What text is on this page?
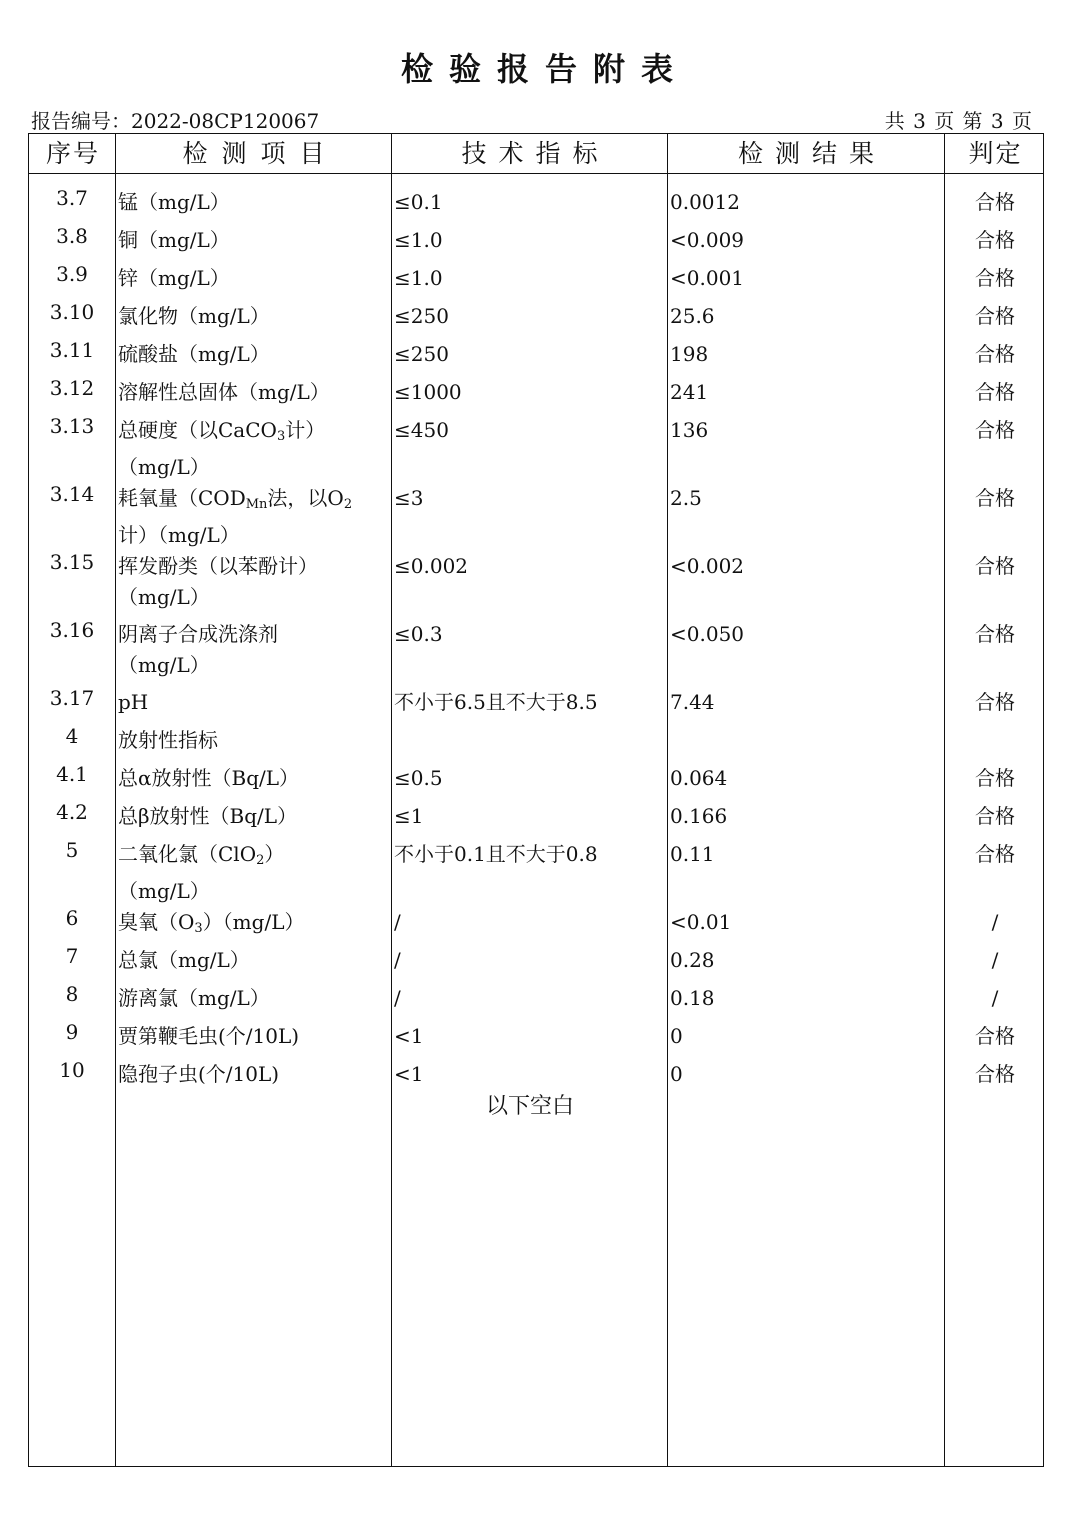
检验报告附表
报告编号：2022-08CP120067	共 3 页 第 3 页
序号	检测项目	技术指标	检测结果	判定
3.7	锰（mg/L）	≤0.1	0.0012	合格
3.8	铜（mg/L）	≤1.0	<0.009	合格
3.9	锌（mg/L）	≤1.0	<0.001	合格
3.10	氯化物（mg/L）	≤250	25.6	合格
3.11	硫酸盐（mg/L）	≤250	198	合格
3.12	溶解性总固体（mg/L）	≤1000	241	合格
3.13	总硬度（以CaCO$_3$计）
（mg/L）
≤450	136	合格
3.14	耗氧量（$COD_{Mn}$法，以$O_2$
计）（mg/L）
≤3	2.5	合格
3.15	挥发酚类（以苯酚计）
（mg/L）
≤0.002	<0.002	合格
3.16	阴离子合成洗涤剂
（mg/L）
≤0.3	<0.050	合格
3.17	pH	不小于6.5且不大于8.5	7.44	合格
4	放射性指标
4.1	总α放射性（Bq/L）	≤0.5	0.064	合格
4.2	总β放射性（Bq/L）	≤1	0.166	合格
5	二氧化氯（ClO$_2$）
（mg/L）
不小于0.1且不大于0.8	0.11	合格
6	臭氧$(O_3)(mg/L)$	/	<0.01	/
7	总氯（mg/L）	/	0.28	/
8	游离氯（mg/L）	/	0.18	/
9	贾第鞭毛虫(个/10L)	<1	0	合格
10	隐孢子虫(个/10L)	<1	0	合格
以下空白
